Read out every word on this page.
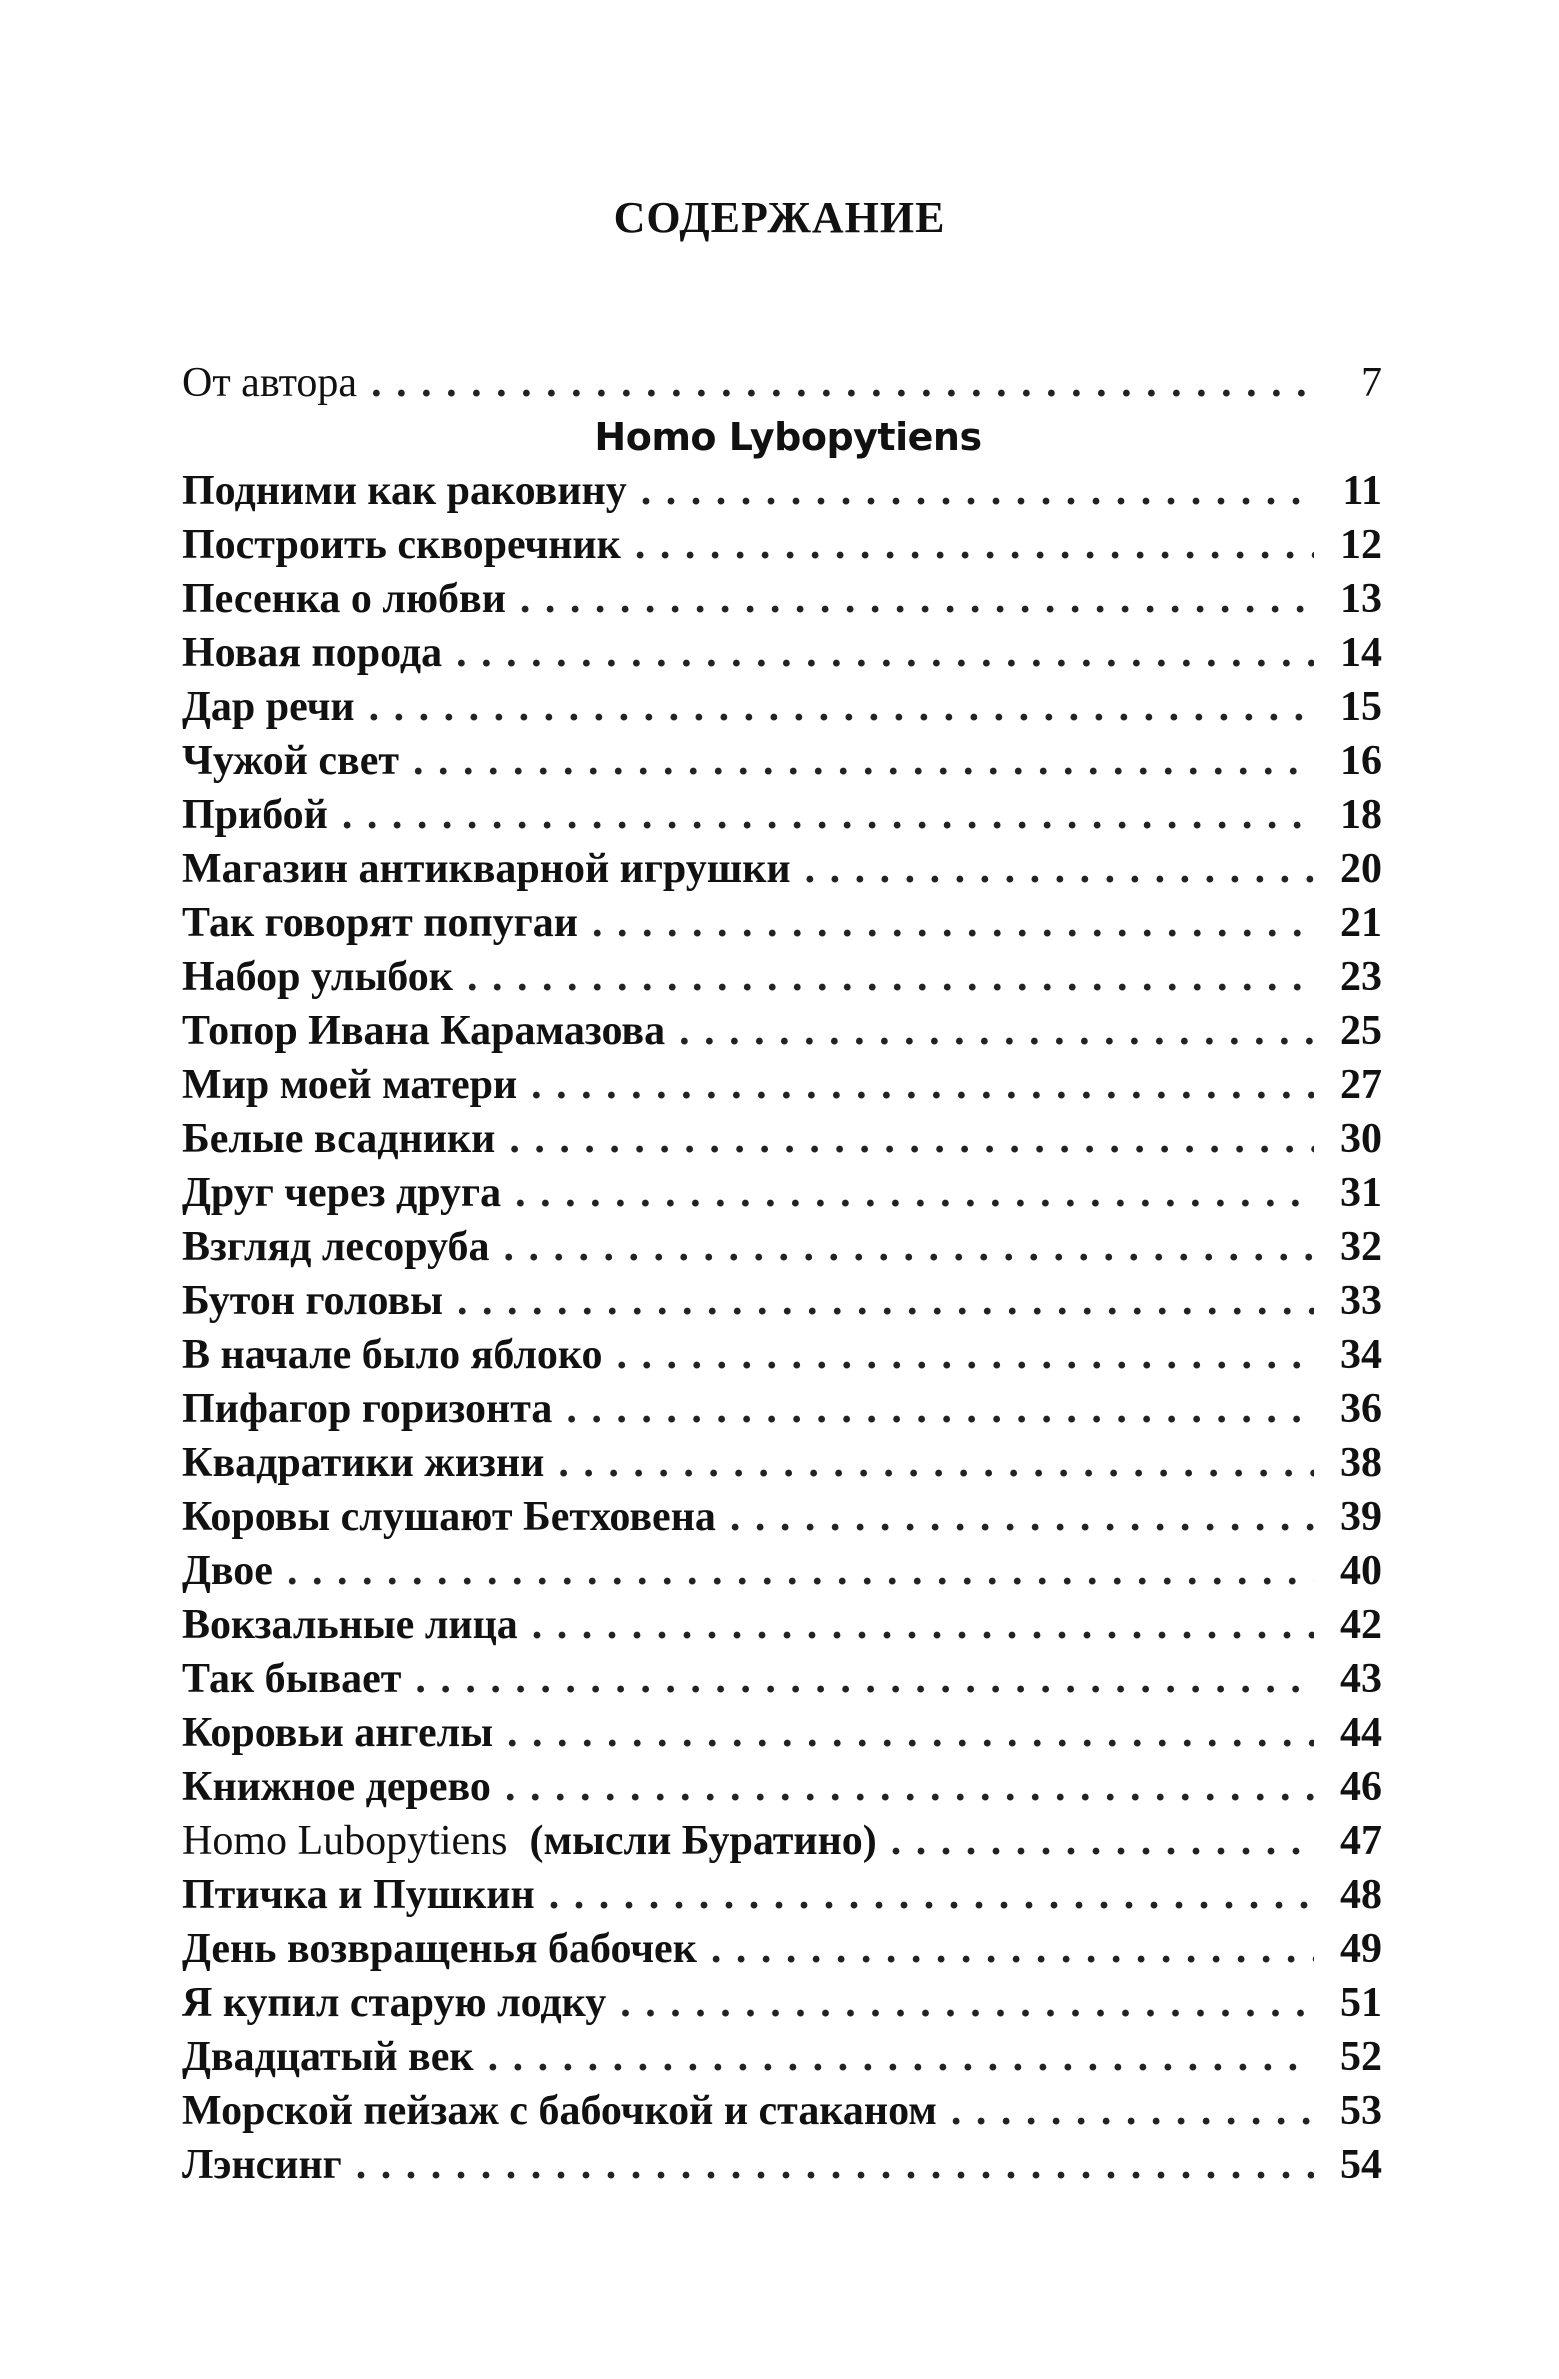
СОДЕРЖАНИЕ
От автора . . .	7
Homo Lybopytiens
Подними как раковину . . .	11
Построить скворечник . . .	12
Песенка о любви . . .	13
Новая порода . . .	14
Дар речи . . .	15
Чужой свет . . .	16
Прибой . . .	18
Магазин антикварной игрушки . . .	20
Так говорят попугаи . . .	21
Набор улыбок . . .	23
Топор Ивана Карамазова . . .	25
Мир моей матери . . .	27
Белые всадники . . .	30
Друг через друга . . .	31
Взгляд лесоруба . . .	32
Бутон головы . . .	33
В начале было яблоко . . .	34
Пифагор горизонта . . .	36
Квадратики жизни . . .	38
Коровы слушают Бетховена . . .	39
Двое . . .	40
Вокзальные лица . . .	42
Так бывает . . .	43
Коровьи ангелы . . .	44
Книжное дерево . . .	46
Homo Lubopytiens (мысли Буратино) . . .	47
Птичка и Пушкин . . .	48
День возвращенья бабочек . . .	49
Я купил старую лодку . . .	51
Двадцатый век . . .	52
Морской пейзаж с бабочкой и стаканом . . .	53
Лэнсинг . . .	54
